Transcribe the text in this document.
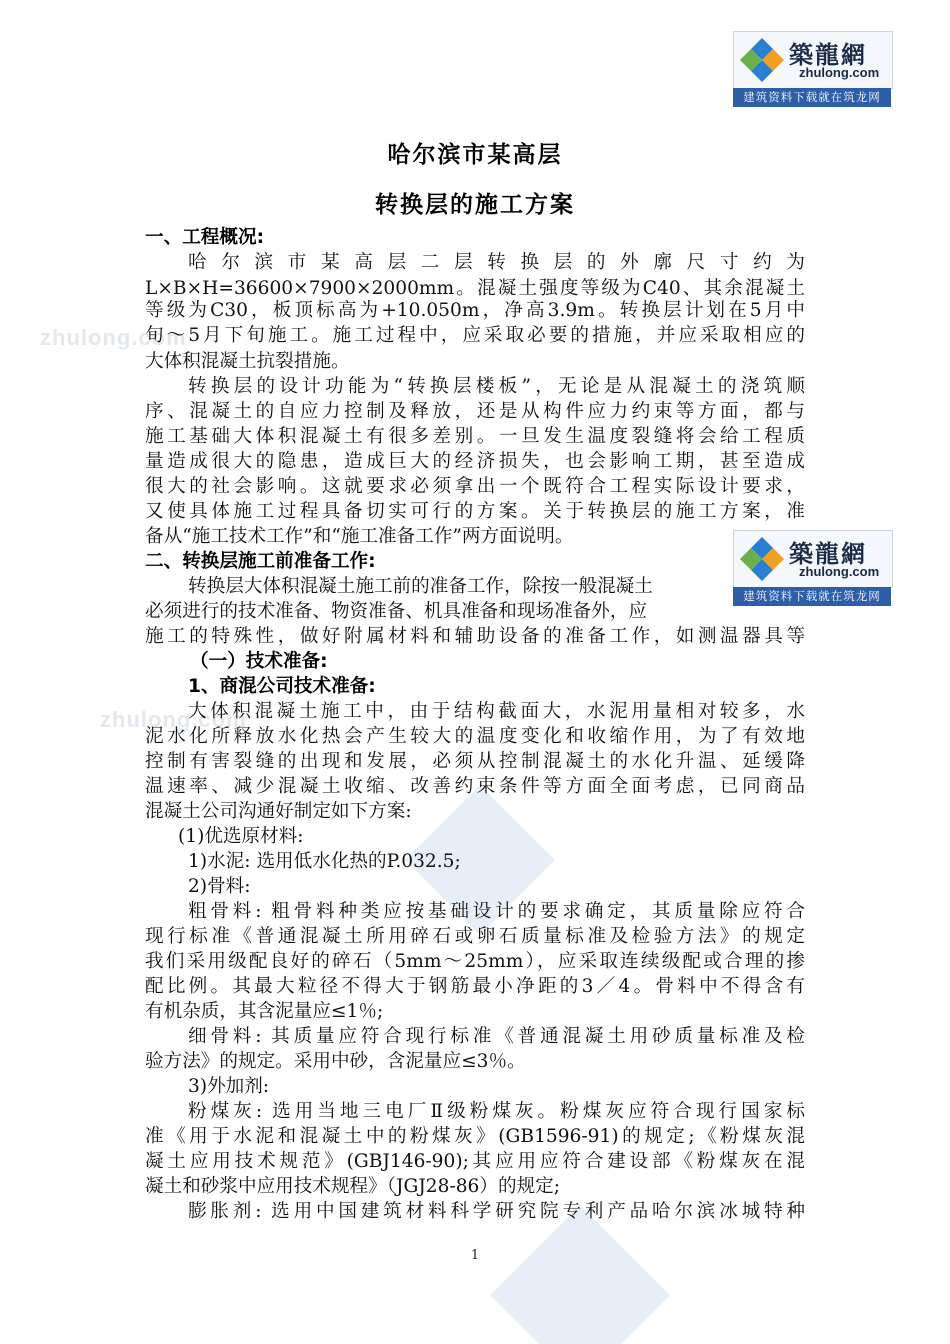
zhulong.com
zhulong.com
築龍網
zhulong.com
建筑资料下载就在筑龙网
築龍網
zhulong.com
建筑资料下载就在筑龙网
哈尔滨市某高层
转换层的施工方案
一、工程概况:
哈尔滨市某高层二层转换层的外廓尺寸约为
L×B×H=36600×7900×2000mm。混凝土强度等级为C40、其余混凝土
等级为C30，板顶标高为+10.050m，净高3.9m。转换层计划在5月中
旬～5月下旬施工。施工过程中，应采取必要的措施，并应采取相应的
大体积混凝土抗裂措施。
转换层的设计功能为“转换层楼板”，无论是从混凝土的浇筑顺
序、混凝土的自应力控制及释放，还是从构件应力约束等方面，都与
施工基础大体积混凝土有很多差别。一旦发生温度裂缝将会给工程质
量造成很大的隐患，造成巨大的经济损失，也会影响工期，甚至造成
很大的社会影响。这就要求必须拿出一个既符合工程实际设计要求，
又使具体施工过程具备切实可行的方案。关于转换层的施工方案，准
备从“施工技术工作”和“施工准备工作”两方面说明。
二、转换层施工前准备工作:
转换层大体积混凝土施工前的准备工作，除按一般混凝土
必须进行的技术准备、物资准备、机具准备和现场准备外，应
施工的特殊性，做好附属材料和辅助设备的准备工作，如测温器具等
（一）技术准备:
1、商混公司技术准备:
大体积混凝土施工中，由于结构截面大，水泥用量相对较多，水
泥水化所释放水化热会产生较大的温度变化和收缩作用，为了有效地
控制有害裂缝的出现和发展，必须从控制混凝土的水化升温、延缓降
温速率、减少混凝土收缩、改善约束条件等方面全面考虑，已同商品
混凝土公司沟通好制定如下方案:
(1)优选原材料:
1)水泥: 选用低水化热的P.032.5;
2)骨料:
粗骨料: 粗骨料种类应按基础设计的要求确定，其质量除应符合
现行标准《普通混凝土所用碎石或卵石质量标准及检验方法》的规定
我们采用级配良好的碎石（5mm～25mm），应采取连续级配或合理的掺
配比例。其最大粒径不得大于钢筋最小净距的3／4。骨料中不得含有
有机杂质，其含泥量应≤1％;
细骨料: 其质量应符合现行标准《普通混凝土用砂质量标准及检
验方法》的规定。采用中砂，含泥量应≤3％。
3)外加剂:
粉煤灰: 选用当地三电厂Ⅱ级粉煤灰。粉煤灰应符合现行国家标
准《用于水泥和混凝土中的粉煤灰》(GB1596-91)的规定;《粉煤灰混
凝土应用技术规范》(GBJ146-90);其应用应符合建设部《粉煤灰在混
凝土和砂浆中应用技术规程》（JGJ28-86）的规定;
膨胀剂: 选用中国建筑材料科学研究院专利产品哈尔滨冰城特种
1
